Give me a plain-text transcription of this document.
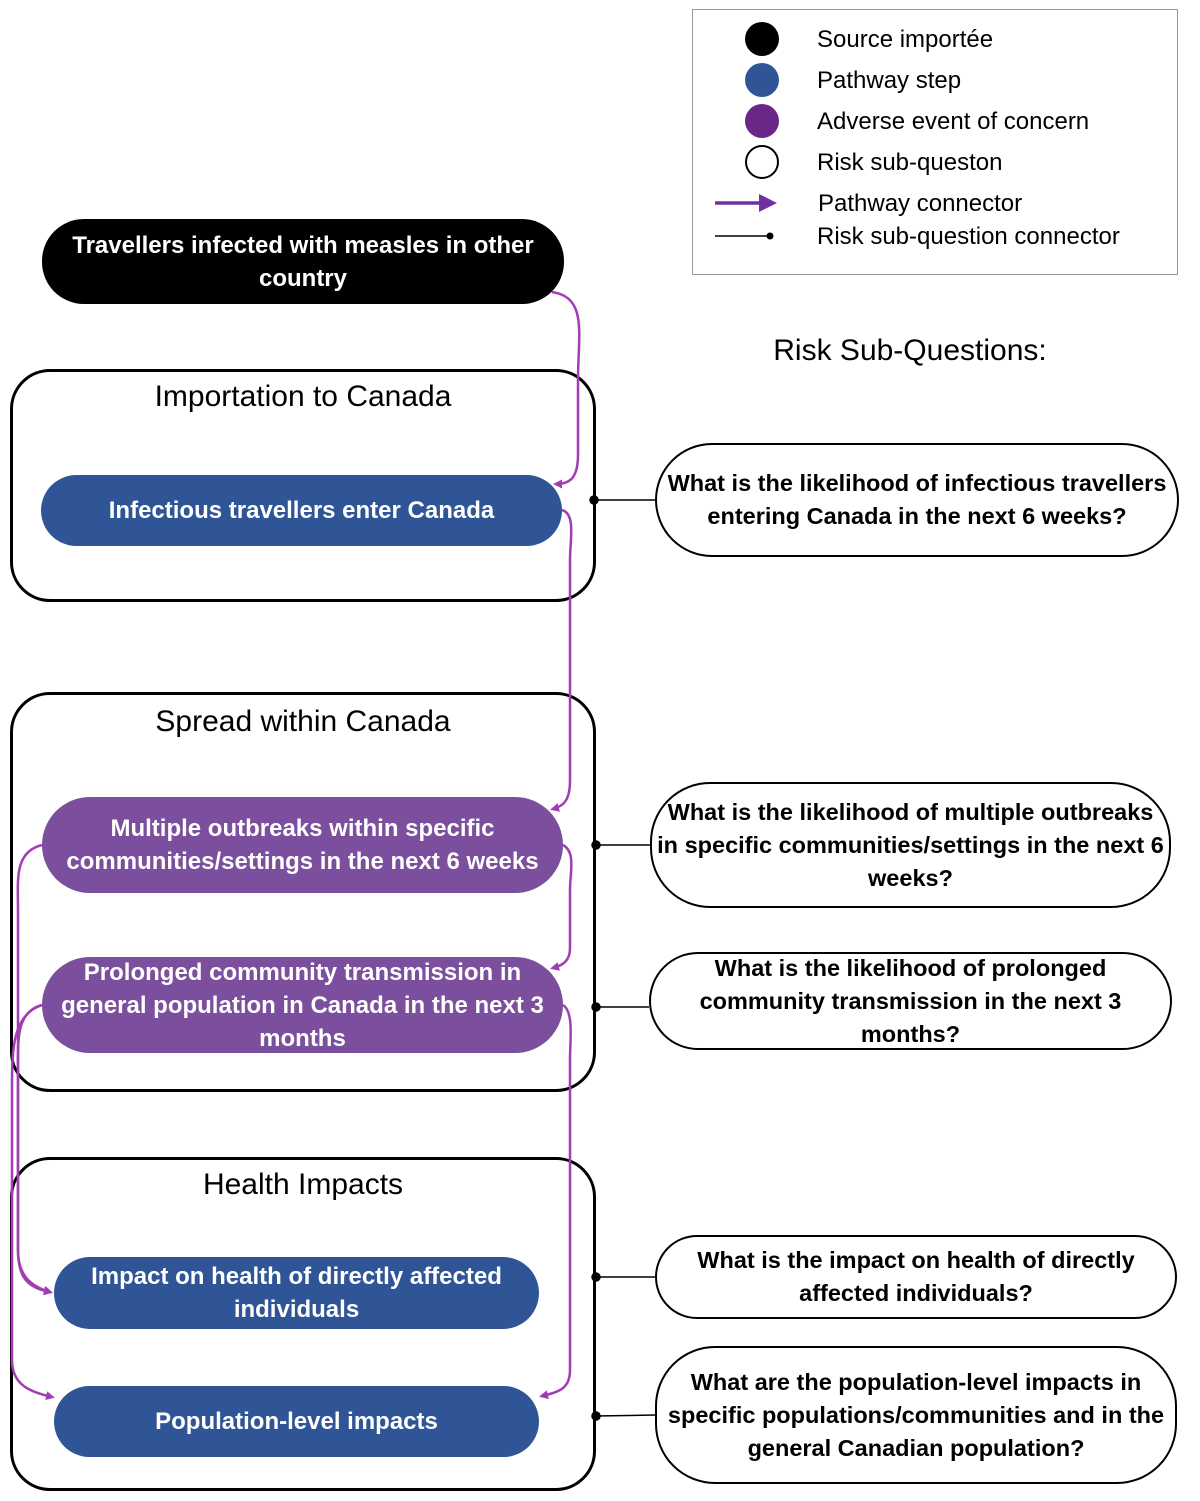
Source importée
Pathway step
Adverse event of concern
Risk sub-queston
Pathway connector
Risk sub-question connector
Importation to Canada
Spread within Canada
Health Impacts
Travellers infected with measles in other country
Infectious travellers enter Canada
Multiple outbreaks within specific communities/settings in the next 6 weeks
Prolonged community transmission in general population in Canada in the next 3 months
Impact on health of directly affected individuals
Population-level impacts
Risk Sub-Questions:
What is the likelihood of infectious travellers entering Canada in the next 6 weeks?
What is the likelihood of multiple outbreaks in specific communities/settings in the next 6 weeks?
What is the likelihood of prolonged community transmission in the next 3 months?
What is the impact on health of directly affected individuals?
What are the population-level impacts in specific populations/communities and in the general Canadian population?
